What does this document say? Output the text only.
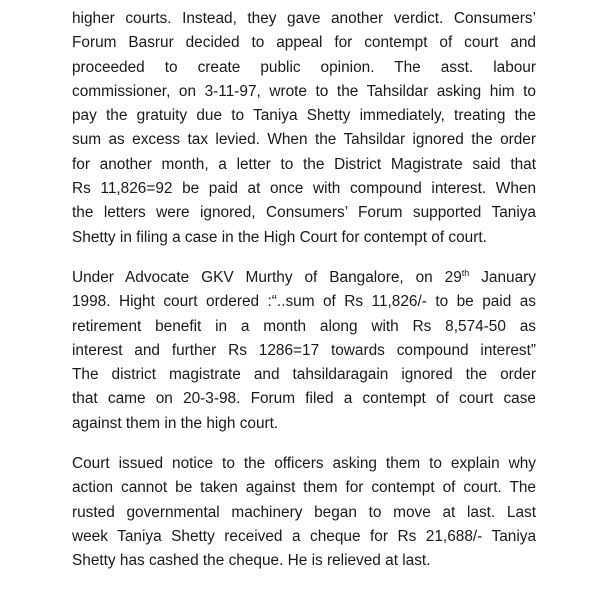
higher courts. Instead, they gave another verdict. Consumers’
Forum Basrur decided to appeal for contempt of court and
proceeded to create public opinion. The asst. labour
commissioner, on 3-11-97, wrote to the Tahsildar asking him to
pay the gratuity due to Taniya Shetty immediately, treating the
sum as excess tax levied. When the Tahsildar ignored the order
for another month, a letter to the District Magistrate said that
Rs 11,826=92 be paid at once with compound interest. When
the letters were ignored, Consumers’ Forum supported Taniya
Shetty in filing a case in the High Court for contempt of court.
Under Advocate GKV Murthy of Bangalore, on 29th January
1998. Hight court ordered :“..sum of Rs 11,826/- to be paid as
retirement benefit in a month along with Rs 8,574-50 as
interest and further Rs 1286=17 towards compound interest”
The district magistrate and tahsildaragain ignored the order
that came on 20-3-98. Forum filed a contempt of court case
against them in the high court.
Court issued notice to the officers asking them to explain why
action cannot be taken against them for contempt of court. The
rusted governmental machinery began to move at last. Last
week Taniya Shetty received a cheque for Rs 21,688/- Taniya
Shetty has cashed the cheque. He is relieved at last.
